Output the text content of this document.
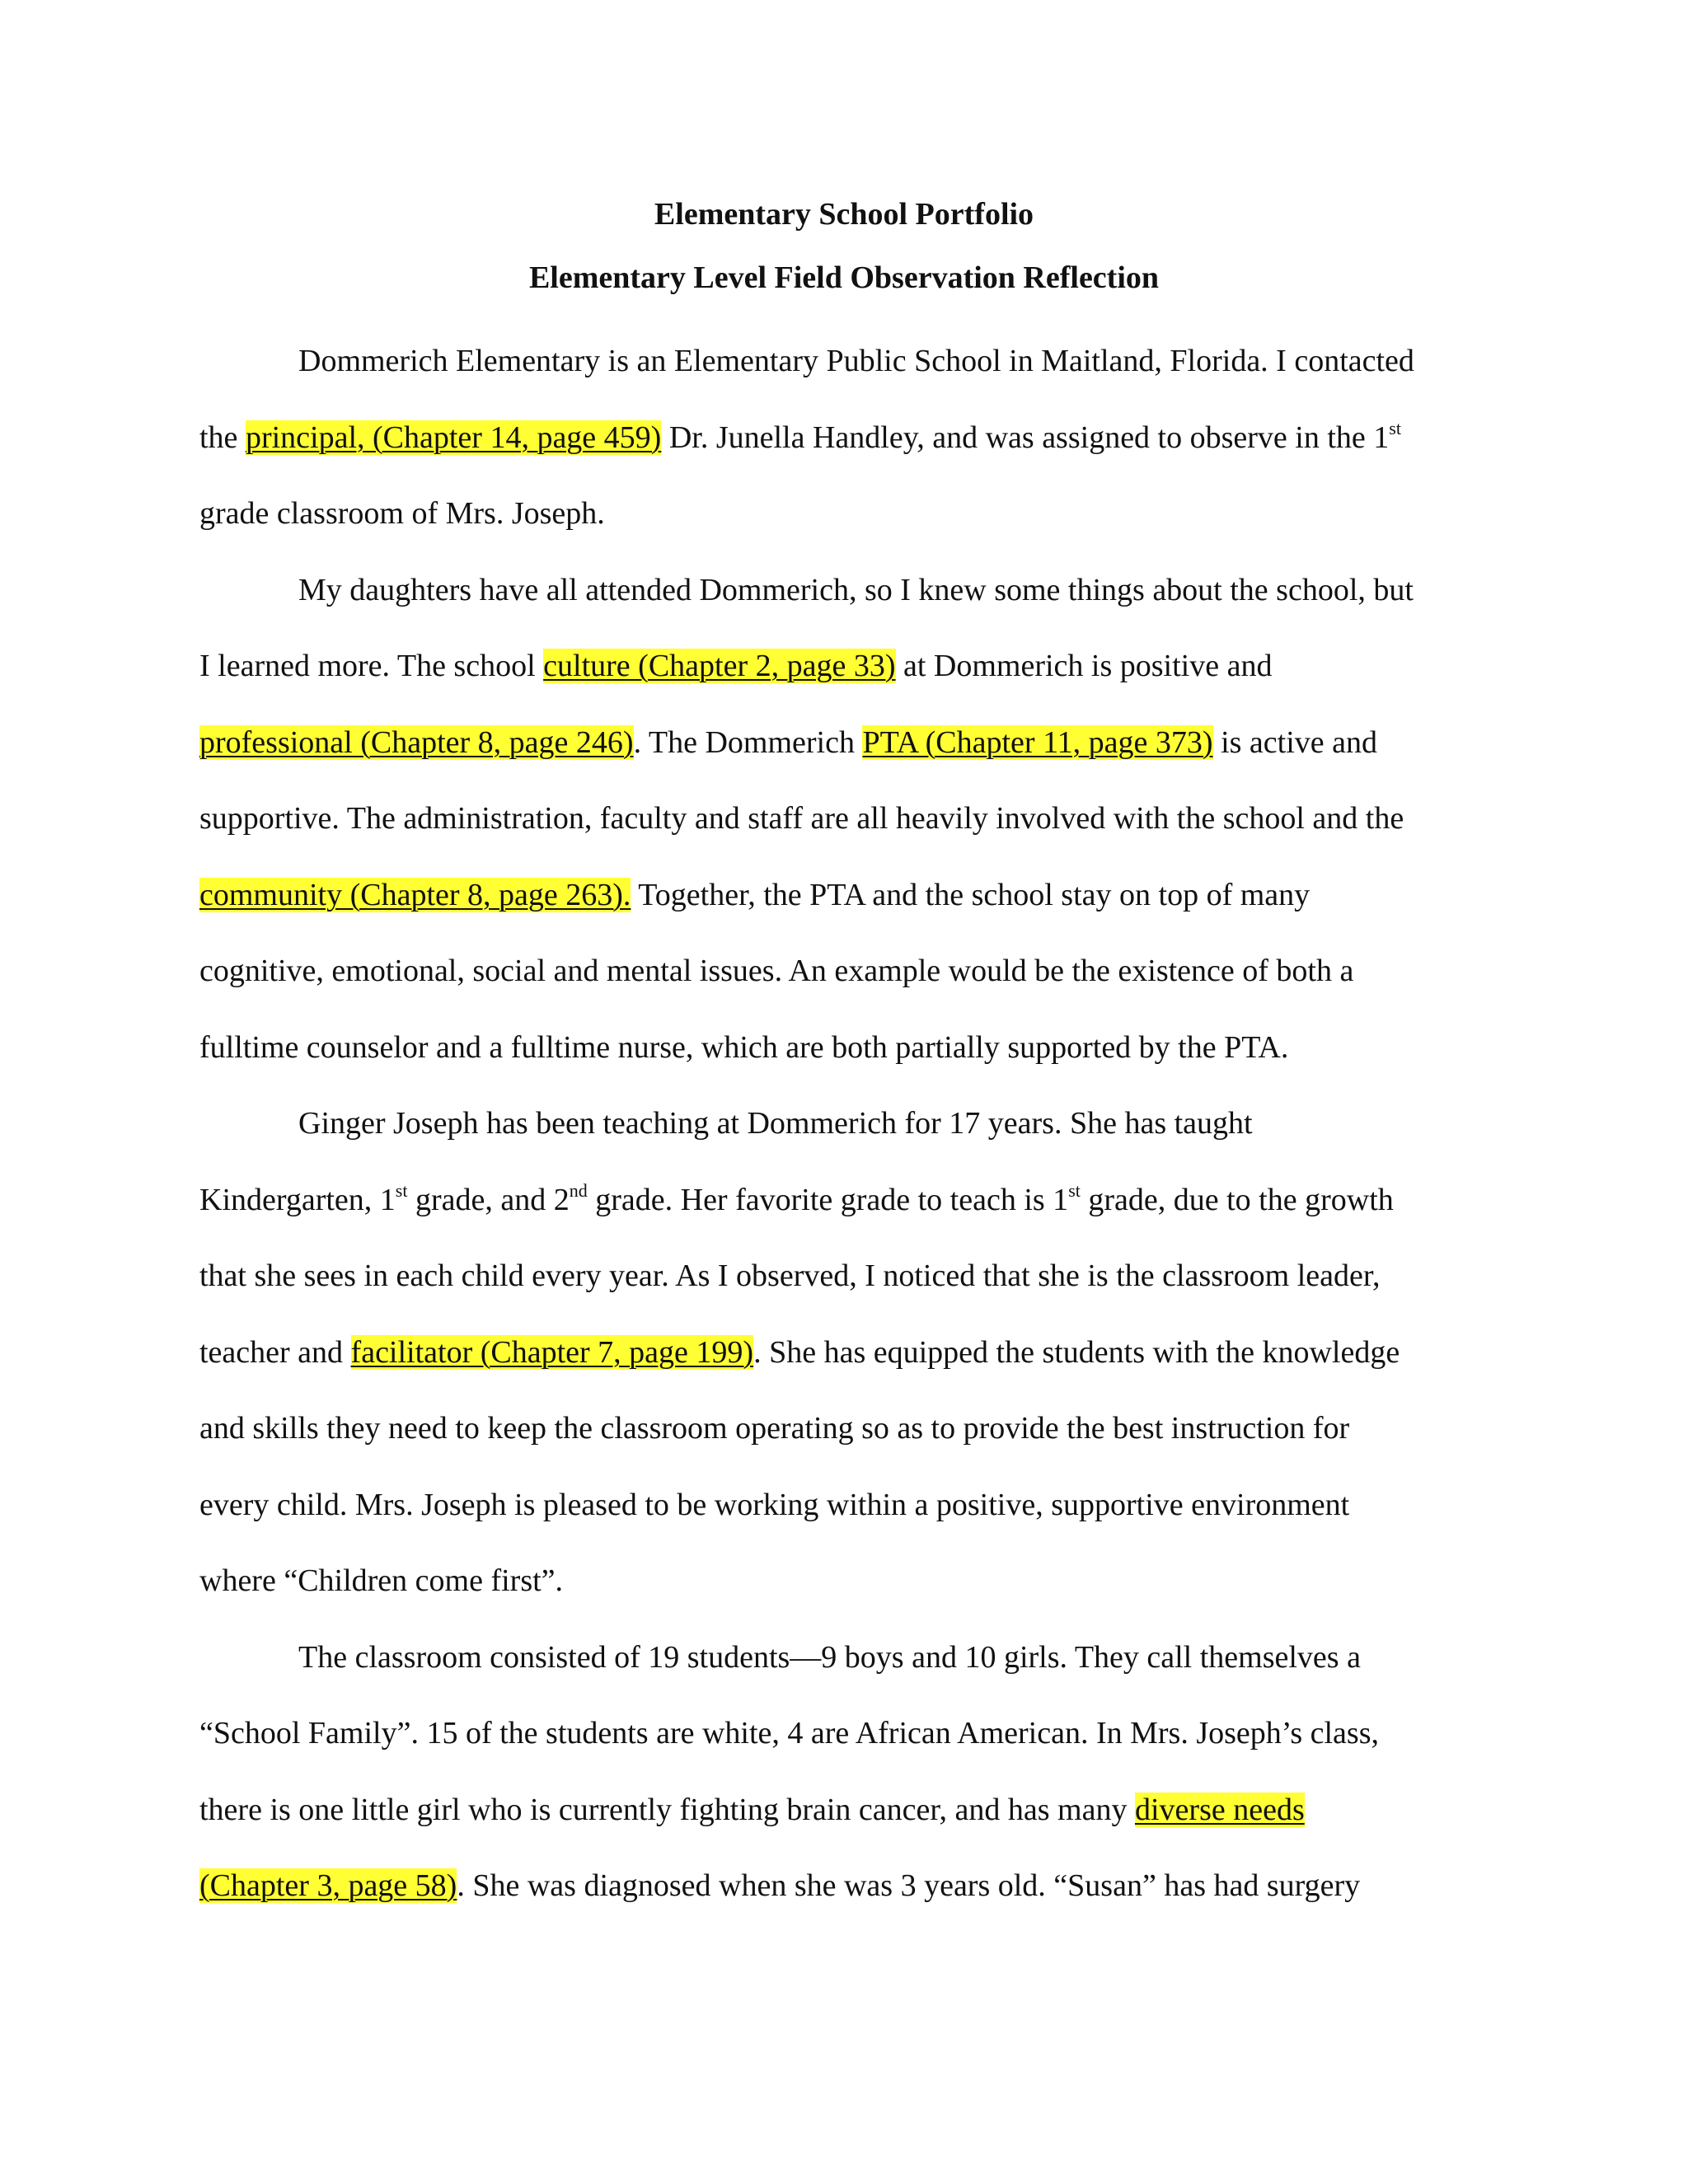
Elementary School Portfolio
Elementary Level Field Observation Reflection
Dommerich Elementary is an Elementary Public School in Maitland, Florida. I contacted
the principal, (Chapter 14, page 459) Dr. Junella Handley, and was assigned to observe in the 1st
grade classroom of Mrs. Joseph.
My daughters have all attended Dommerich, so I knew some things about the school, but
I learned more. The school culture (Chapter 2, page 33) at Dommerich is positive and
professional (Chapter 8, page 246). The Dommerich PTA (Chapter 11, page 373) is active and
supportive. The administration, faculty and staff are all heavily involved with the school and the
community (Chapter 8, page 263). Together, the PTA and the school stay on top of many
cognitive, emotional, social and mental issues. An example would be the existence of both a
fulltime counselor and a fulltime nurse, which are both partially supported by the PTA.
Ginger Joseph has been teaching at Dommerich for 17 years. She has taught
Kindergarten, 1st grade, and 2nd grade. Her favorite grade to teach is 1st grade, due to the growth
that she sees in each child every year. As I observed, I noticed that she is the classroom leader,
teacher and facilitator (Chapter 7, page 199). She has equipped the students with the knowledge
and skills they need to keep the classroom operating so as to provide the best instruction for
every child. Mrs. Joseph is pleased to be working within a positive, supportive environment
where “Children come first”.
The classroom consisted of 19 students—9 boys and 10 girls. They call themselves a
“School Family”. 15 of the students are white, 4 are African American. In Mrs. Joseph’s class,
there is one little girl who is currently fighting brain cancer, and has many diverse needs
(Chapter 3, page 58). She was diagnosed when she was 3 years old. “Susan” has had surgery
